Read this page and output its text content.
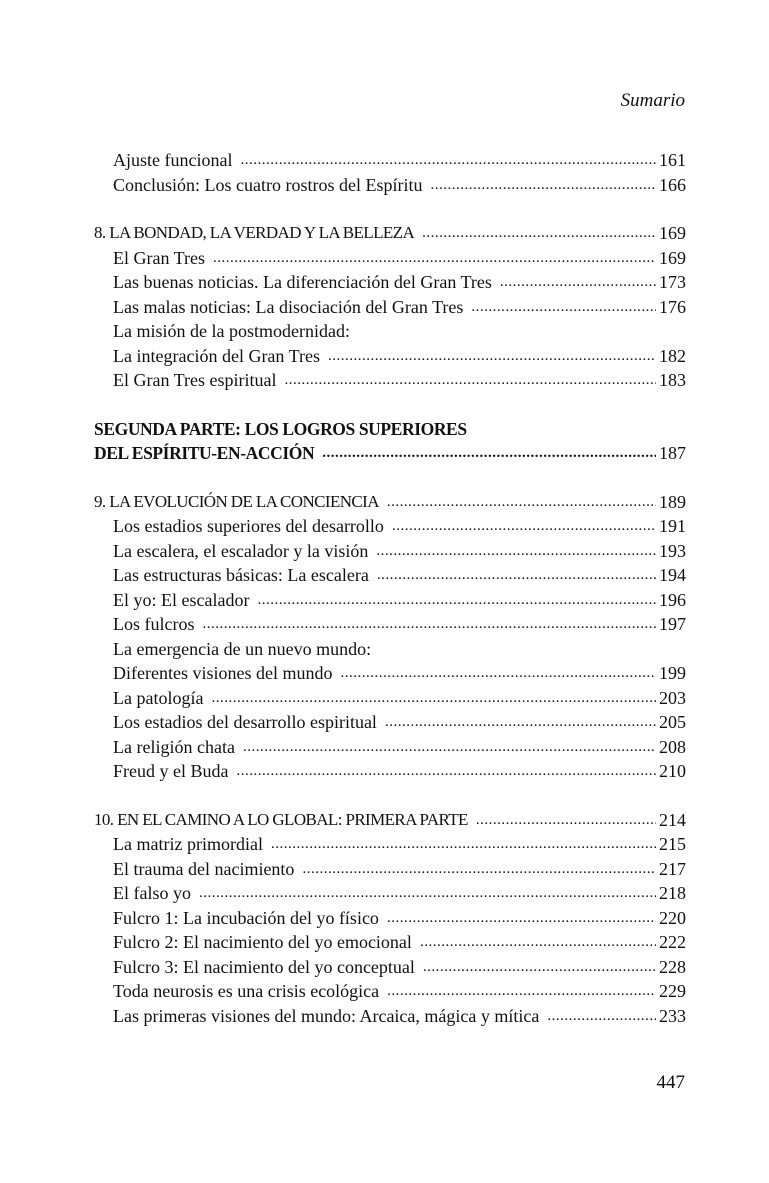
Sumario
Ajuste funcional .....	161
Conclusión: Los cuatro rostros del Espíritu .....	166
8. LA BONDAD, LA VERDAD Y LA BELLEZA .....	169
El Gran Tres .....	169
Las buenas noticias. La diferenciación del Gran Tres .....	173
Las malas noticias: La disociación del Gran Tres .....	176
La misión de la postmodernidad:
La integración del Gran Tres .....	182
El Gran Tres espiritual .....	183
SEGUNDA PARTE: LOS LOGROS SUPERIORES
DEL ESPÍRITU-EN-ACCIÓN .....	187
9. LA EVOLUCIÓN DE LA CONCIENCIA .....	189
Los estadios superiores del desarrollo .....	191
La escalera, el escalador y la visión .....	193
Las estructuras básicas: La escalera .....	194
El yo: El escalador .....	196
Los fulcros .....	197
La emergencia de un nuevo mundo:
Diferentes visiones del mundo .....	199
La patología .....	203
Los estadios del desarrollo espiritual .....	205
La religión chata .....	208
Freud y el Buda .....	210
10. EN EL CAMINO A LO GLOBAL: PRIMERA PARTE .....	214
La matriz primordial .....	215
El trauma del nacimiento .....	217
El falso yo .....	218
Fulcro 1: La incubación del yo físico .....	220
Fulcro 2: El nacimiento del yo emocional .....	222
Fulcro 3: El nacimiento del yo conceptual .....	228
Toda neurosis es una crisis ecológica .....	229
Las primeras visiones del mundo: Arcaica, mágica y mítica .....	233
447
